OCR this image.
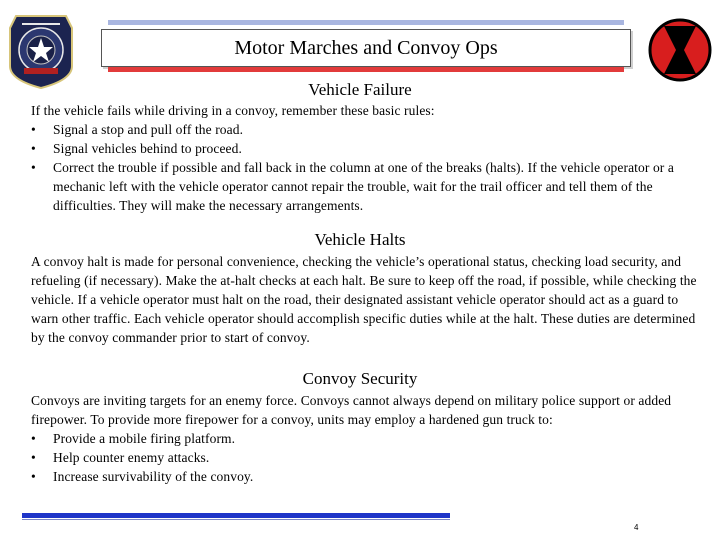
Motor Marches and Convoy Ops
Vehicle Failure

If the vehicle fails while driving in a convoy, remember these basic rules:

•	Signal a stop and pull off the road.
•	Signal vehicles behind to proceed.
•	Correct the trouble if possible and fall back in the column at one of the breaks (halts). If the vehicle operator or a mechanic left with the vehicle operator cannot repair the trouble, wait for the trail officer and tell them of the difficulties. They will make the necessary arrangements.
Vehicle Halts

A convoy halt is made for personal convenience, checking the vehicle’s operational status, checking load security, and refueling (if necessary). Make the at-halt checks at each halt. Be sure to keep off the road, if possible, while checking the vehicle. If a vehicle operator must halt on the road, their designated assistant vehicle operator should act as a guard to warn other traffic. Each vehicle operator should accomplish specific duties while at the halt. These duties are determined by the convoy commander prior to start of convoy.

Convoy Security

Convoys are inviting targets for an enemy force. Convoys cannot always depend on military police support or added firepower. To provide more firepower for a convoy, units may employ a hardened gun truck to:

•	Provide a mobile firing platform.
•	Help counter enemy attacks.
•	Increase survivability of the convoy.
4
